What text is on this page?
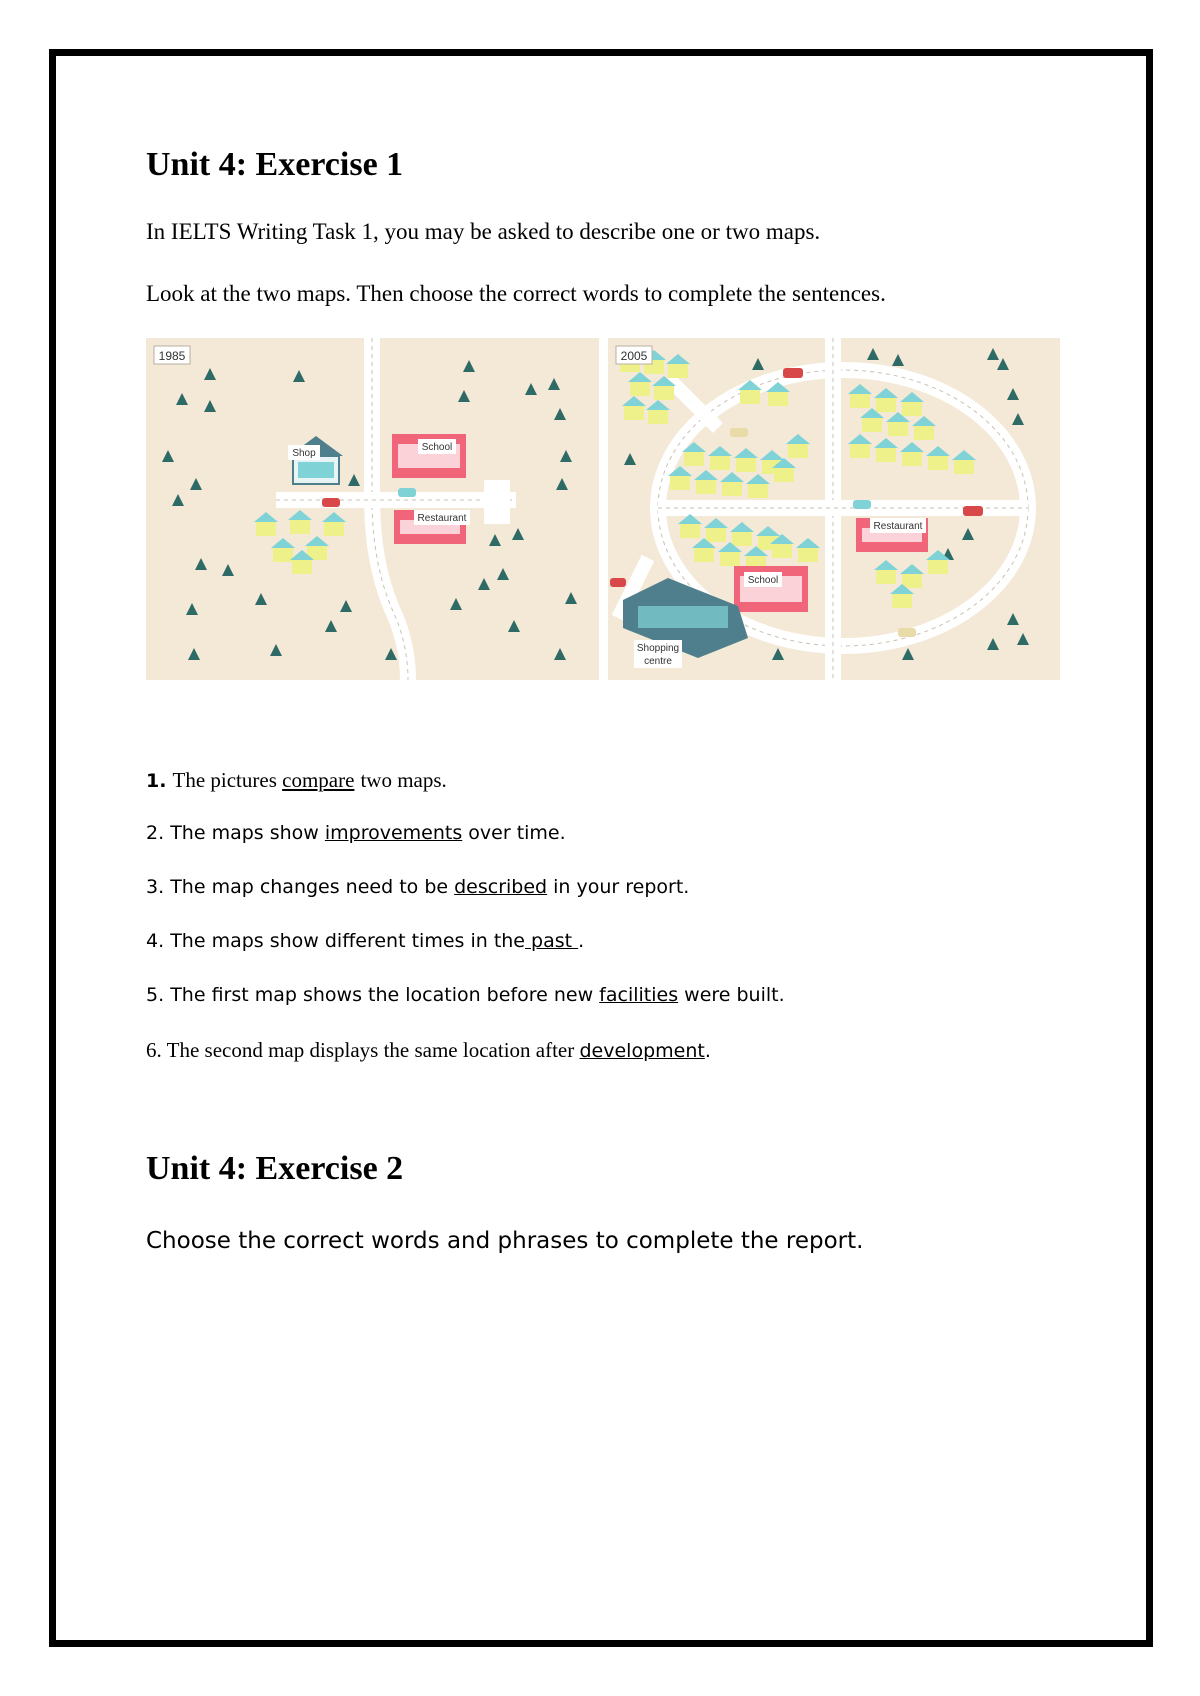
Unit 4: Exercise 1

In IELTS Writing Task 1, you may be asked to describe one or two maps.

Look at the two maps. Then choose the correct words to complete the sentences.

1985
Shop
School
Restaurant
2005
School
Restaurant
Shopping
centre

1. The pictures compare two maps.

2. The maps show improvements over time.

3. The map changes need to be described in your report.

4. The maps show different times in the past .

5. The first map shows the location before new facilities were built.

6. The second map displays the same location after development.

Unit 4: Exercise 2

Choose the correct words and phrases to complete the report.
